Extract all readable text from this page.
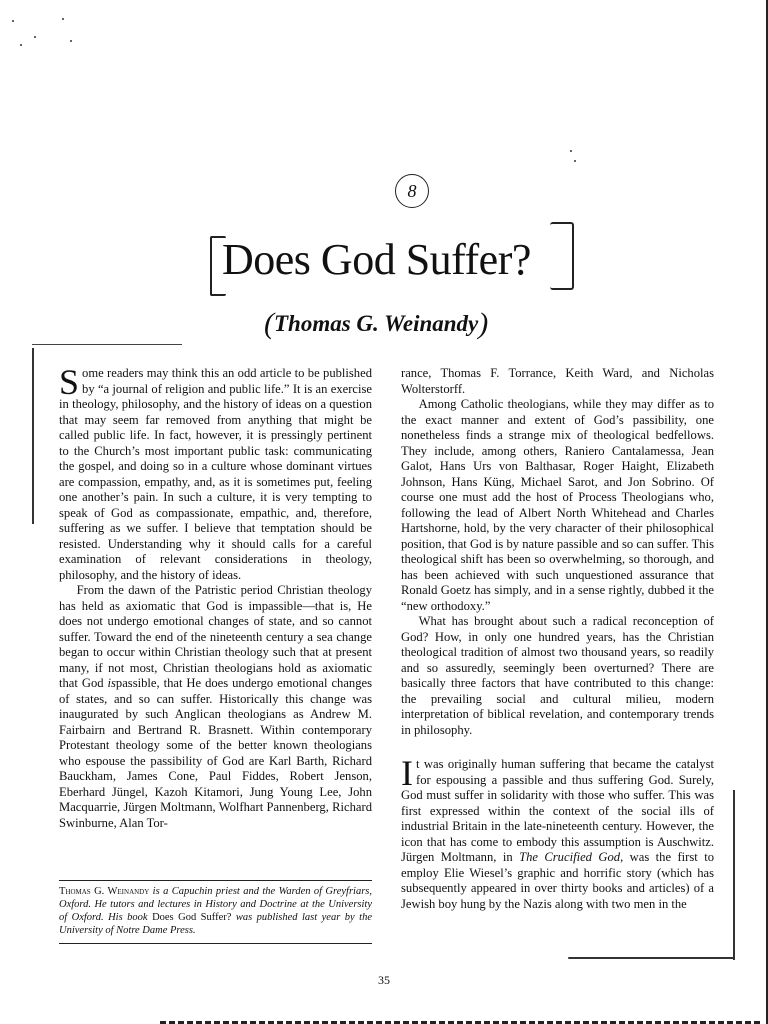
8
Does God Suffer?
(Thomas G. Weinandy)

Some readers may think this an odd article to be published by “a journal of religion and public life.” It is an exercise in theology, philosophy, and the history of ideas on a question that may seem far removed from anything that might be called public life. In fact, however, it is pressingly pertinent to the Church’s most important public task: communicating the gospel, and doing so in a culture whose dominant virtues are compassion, empathy, and, as it is sometimes put, feeling one another’s pain. In such a culture, it is very tempting to speak of God as compassionate, empathic, and, therefore, suffering as we suffer. I believe that temptation should be resisted. Understanding why it should calls for a careful examination of relevant considerations in theology, philosophy, and the history of ideas.

From the dawn of the Patristic period Christian theology has held as axiomatic that God is impassible—that is, He does not undergo emotional changes of state, and so cannot suffer. Toward the end of the nineteenth century a sea change began to occur within Christian theology such that at present many, if not most, Christian theologians hold as axiomatic that God ispassible, that He does undergo emotional changes of states, and so can suffer. Historically this change was inaugurated by such Anglican theologians as Andrew M. Fairbairn and Bertrand R. Brasnett. Within contemporary Protestant theology some of the better known theologians who espouse the passibility of God are Karl Barth, Richard Bauckham, James Cone, Paul Fiddes, Robert Jenson, Eberhard Jüngel, Kazoh Kitamori, Jung Young Lee, John Macquarrie, Jürgen Moltmann, Wolfhart Pannenberg, Richard Swinburne, Alan Tor-

Thomas G. Weinandy is a Capuchin priest and the Warden of Greyfriars, Oxford. He tutors and lectures in History and Doctrine at the University of Oxford. His book Does God Suffer? was published last year by the University of Notre Dame Press.

rance, Thomas F. Torrance, Keith Ward, and Nicholas Wolterstorff.

Among Catholic theologians, while they may differ as to the exact manner and extent of God’s passibility, one nonetheless finds a strange mix of theological bedfellows. They include, among others, Raniero Cantalamessa, Jean Galot, Hans Urs von Balthasar, Roger Haight, Elizabeth Johnson, Hans Küng, Michael Sarot, and Jon Sobrino. Of course one must add the host of Process Theologians who, following the lead of Albert North Whitehead and Charles Hartshorne, hold, by the very character of their philosophical position, that God is by nature passible and so can suffer. This theological shift has been so overwhelming, so thorough, and has been achieved with such unquestioned assurance that Ronald Goetz has simply, and in a sense rightly, dubbed it the “new orthodoxy.”

What has brought about such a radical reconception of God? How, in only one hundred years, has the Christian theological tradition of almost two thousand years, so readily and so assuredly, seemingly been overturned? There are basically three factors that have contributed to this change: the prevailing social and cultural milieu, modern interpretation of biblical revelation, and contemporary trends in philosophy.

It was originally human suffering that became the catalyst for espousing a passible and thus suffering God. Surely, God must suffer in solidarity with those who suffer. This was first expressed within the context of the social ills of industrial Britain in the late-nineteenth century. However, the icon that has come to embody this assumption is Auschwitz. Jürgen Moltmann, in The Crucified God, was the first to employ Elie Wiesel’s graphic and horrific story (which has subsequently appeared in over thirty books and articles) of a Jewish boy hung by the Nazis along with two men in the

35
